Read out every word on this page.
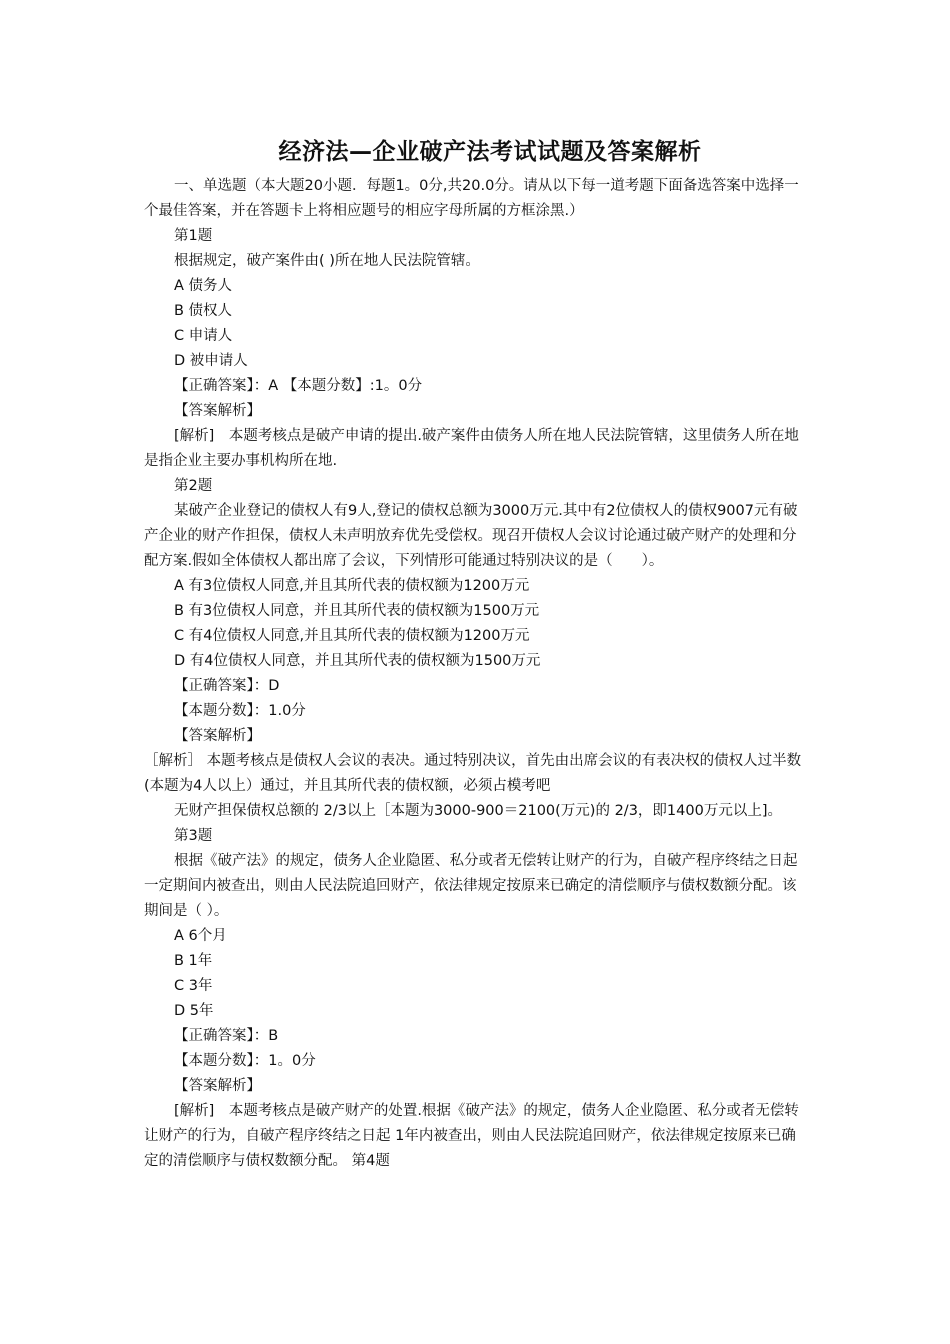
经济法—企业破产法考试试题及答案解析

一、单选题（本大题20小题．每题1。0分,共20.0分。请从以下每一道考题下面备选答案中选择一个最佳答案，并在答题卡上将相应题号的相应字母所属的方框涂黑.）

第1题

根据规定，破产案件由( )所在地人民法院管辖。

A 债务人

B 债权人

C 申请人

D 被申请人

【正确答案】：A 【本题分数】:1。0分

【答案解析】

[解析]　本题考核点是破产申请的提出.破产案件由债务人所在地人民法院管辖，这里债务人所在地是指企业主要办事机构所在地.

第2题

某破产企业登记的债权人有9人,登记的债权总额为3000万元.其中有2位债权人的债权9007元有破产企业的财产作担保，债权人未声明放弃优先受偿权。现召开债权人会议讨论通过破产财产的处理和分配方案.假如全体债权人都出席了会议，下列情形可能通过特别决议的是（　　）。

A 有3位债权人同意,并且其所代表的债权额为1200万元

B 有3位债权人同意，并且其所代表的债权额为1500万元

C 有4位债权人同意,并且其所代表的债权额为1200万元

D 有4位债权人同意，并且其所代表的债权额为1500万元

【正确答案】：D

【本题分数】：1.0分

【答案解析】

［解析］ 本题考核点是债权人会议的表决。通过特别决议，首先由出席会议的有表决权的债权人过半数(本题为4人以上）通过，并且其所代表的债权额，必须占模考吧

无财产担保债权总额的 2/3以上［本题为3000-900＝2100(万元)的 2/3，即1400万元以上]。

第3题

根据《破产法》的规定，债务人企业隐匿、私分或者无偿转让财产的行为，自破产程序终结之日起一定期间内被查出，则由人民法院追回财产，依法律规定按原来已确定的清偿顺序与债权数额分配。该期间是（ ）。

A 6个月

B 1年

C 3年

D 5年

【正确答案】：B

【本题分数】：1。0分

【答案解析】

[解析]　本题考核点是破产财产的处置.根据《破产法》的规定，债务人企业隐匿、私分或者无偿转让财产的行为，自破产程序终结之日起 1年内被查出，则由人民法院追回财产，依法律规定按原来已确定的清偿顺序与债权数额分配。 第4题
